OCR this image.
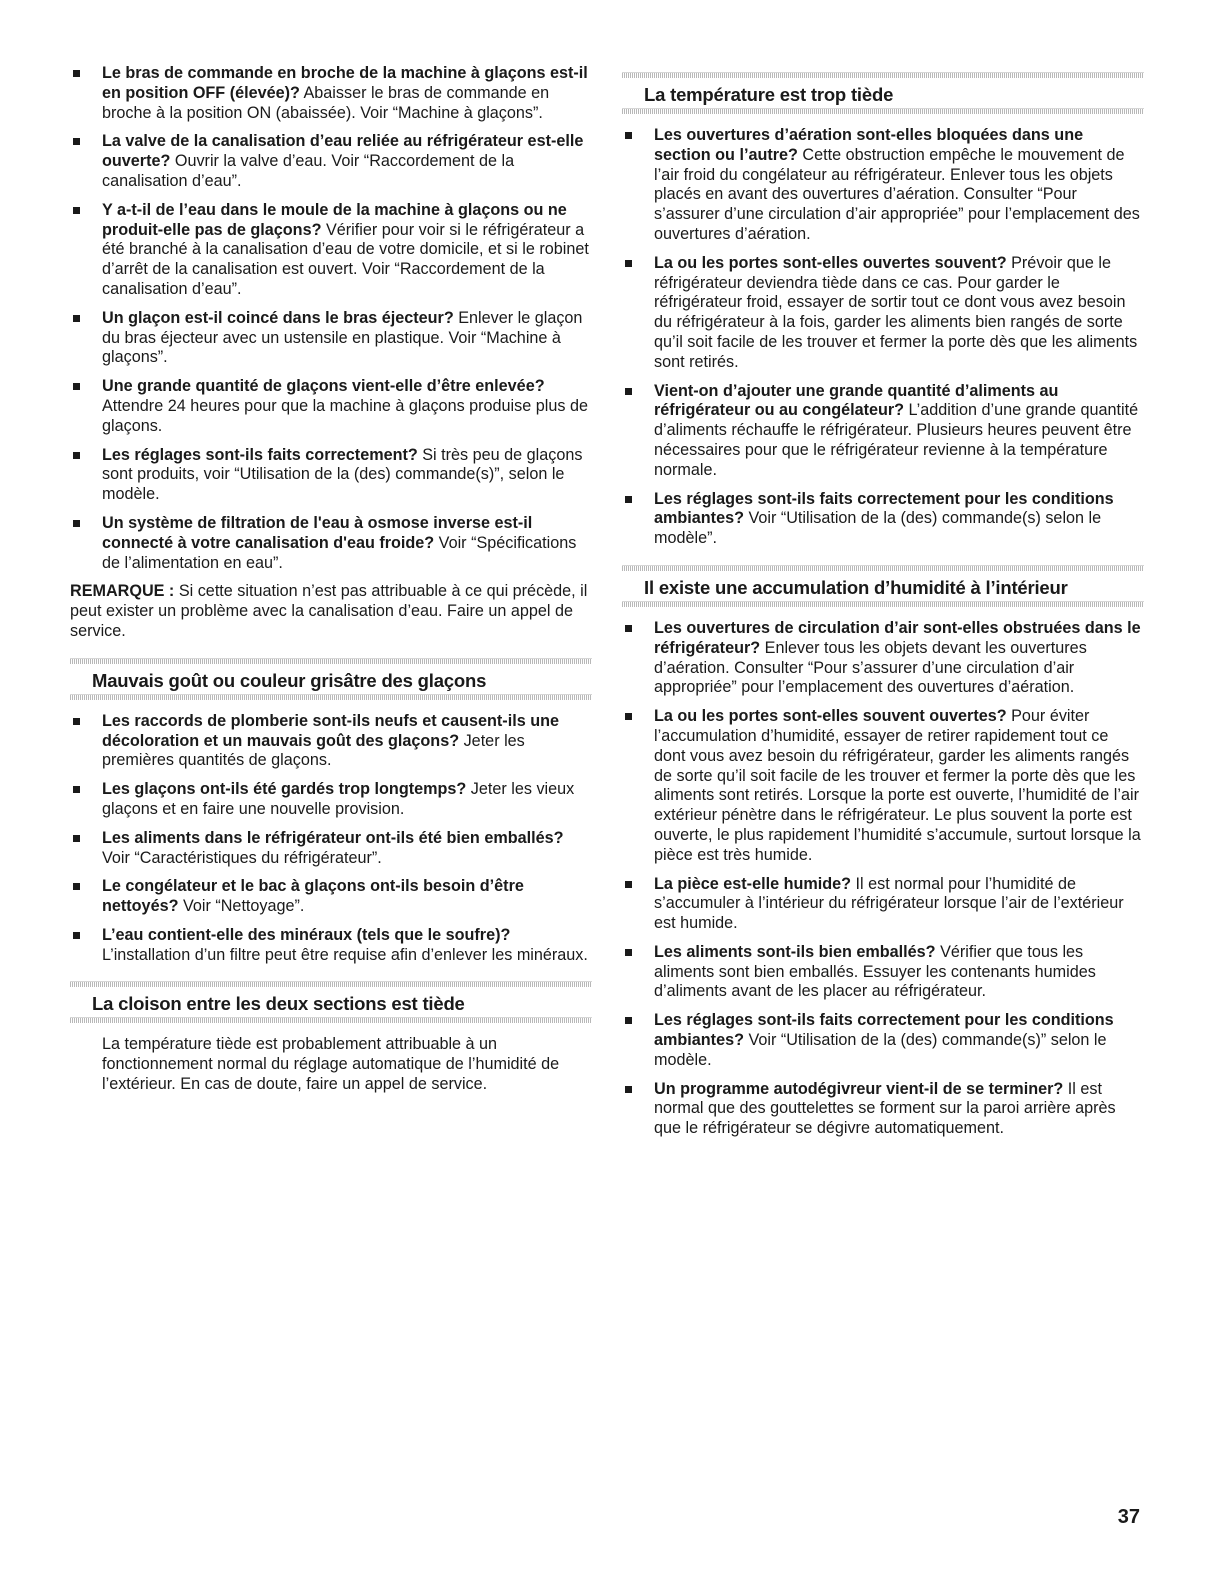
Le bras de commande en broche de la machine à glaçons est-il en position OFF (élevée)? Abaisser le bras de commande en broche à la position ON (abaissée). Voir “Machine à glaçons”.
La valve de la canalisation d’eau reliée au réfrigérateur est-elle ouverte? Ouvrir la valve d’eau. Voir “Raccordement de la canalisation d’eau”.
Y a-t-il de l’eau dans le moule de la machine à glaçons ou ne produit-elle pas de glaçons? Vérifier pour voir si le réfrigérateur a été branché à la canalisation d’eau de votre domicile, et si le robinet d’arrêt de la canalisation est ouvert. Voir “Raccordement de la canalisation d’eau”.
Un glaçon est-il coincé dans le bras éjecteur? Enlever le glaçon du bras éjecteur avec un ustensile en plastique. Voir “Machine à glaçons”.
Une grande quantité de glaçons vient-elle d’être enlevée? Attendre 24 heures pour que la machine à glaçons produise plus de glaçons.
Les réglages sont-ils faits correctement? Si très peu de glaçons sont produits, voir “Utilisation de la (des) commande(s)”, selon le modèle.
Un système de filtration de l'eau à osmose inverse est-il connecté à votre canalisation d'eau froide? Voir “Spécifications de l’alimentation en eau”.

REMARQUE : Si cette situation n’est pas attribuable à ce qui précède, il peut exister un problème avec la canalisation d’eau. Faire un appel de service.

Mauvais goût ou couleur grisâtre des glaçons
Les raccords de plomberie sont-ils neufs et causent-ils une décoloration et un mauvais goût des glaçons? Jeter les premières quantités de glaçons.
Les glaçons ont-ils été gardés trop longtemps? Jeter les vieux glaçons et en faire une nouvelle provision.
Les aliments dans le réfrigérateur ont-ils été bien emballés? Voir “Caractéristiques du réfrigérateur”.
Le congélateur et le bac à glaçons ont-ils besoin d’être nettoyés? Voir “Nettoyage”.
L’eau contient-elle des minéraux (tels que le soufre)? L’installation d’un filtre peut être requise afin d’enlever les minéraux.
La cloison entre les deux sections est tiède

La température tiède est probablement attribuable à un fonctionnement normal du réglage automatique de l’humidité de l’extérieur. En cas de doute, faire un appel de service.

La température est trop tiède
Les ouvertures d’aération sont-elles bloquées dans une section ou l’autre? Cette obstruction empêche le mouvement de l’air froid du congélateur au réfrigérateur. Enlever tous les objets placés en avant des ouvertures d’aération. Consulter “Pour s’assurer d’une circulation d’air appropriée” pour l’emplacement des ouvertures d’aération.
La ou les portes sont-elles ouvertes souvent? Prévoir que le réfrigérateur deviendra tiède dans ce cas. Pour garder le réfrigérateur froid, essayer de sortir tout ce dont vous avez besoin du réfrigérateur à la fois, garder les aliments bien rangés de sorte qu’il soit facile de les trouver et fermer la porte dès que les aliments sont retirés.
Vient-on d’ajouter une grande quantité d’aliments au réfrigérateur ou au congélateur? L’addition d’une grande quantité d’aliments réchauffe le réfrigérateur. Plusieurs heures peuvent être nécessaires pour que le réfrigérateur revienne à la température normale.
Les réglages sont-ils faits correctement pour les conditions ambiantes? Voir “Utilisation de la (des) commande(s) selon le modèle”.
Il existe une accumulation d’humidité à l’intérieur
Les ouvertures de circulation d’air sont-elles obstruées dans le réfrigérateur? Enlever tous les objets devant les ouvertures d’aération. Consulter “Pour s’assurer d’une circulation d’air appropriée” pour l’emplacement des ouvertures d’aération.
La ou les portes sont-elles souvent ouvertes? Pour éviter l’accumulation d’humidité, essayer de retirer rapidement tout ce dont vous avez besoin du réfrigérateur, garder les aliments rangés de sorte qu’il soit facile de les trouver et fermer la porte dès que les aliments sont retirés. Lorsque la porte est ouverte, l’humidité de l’air extérieur pénètre dans le réfrigérateur. Le plus souvent la porte est ouverte, le plus rapidement l’humidité s’accumule, surtout lorsque la pièce est très humide.
La pièce est-elle humide? Il est normal pour l’humidité de s’accumuler à l’intérieur du réfrigérateur lorsque l’air de l’extérieur est humide.
Les aliments sont-ils bien emballés? Vérifier que tous les aliments sont bien emballés. Essuyer les contenants humides d’aliments avant de les placer au réfrigérateur.
Les réglages sont-ils faits correctement pour les conditions ambiantes? Voir “Utilisation de la (des) commande(s)” selon le modèle.
Un programme autodégivreur vient-il de se terminer? Il est normal que des gouttelettes se forment sur la paroi arrière après que le réfrigérateur se dégivre automatiquement.
37
